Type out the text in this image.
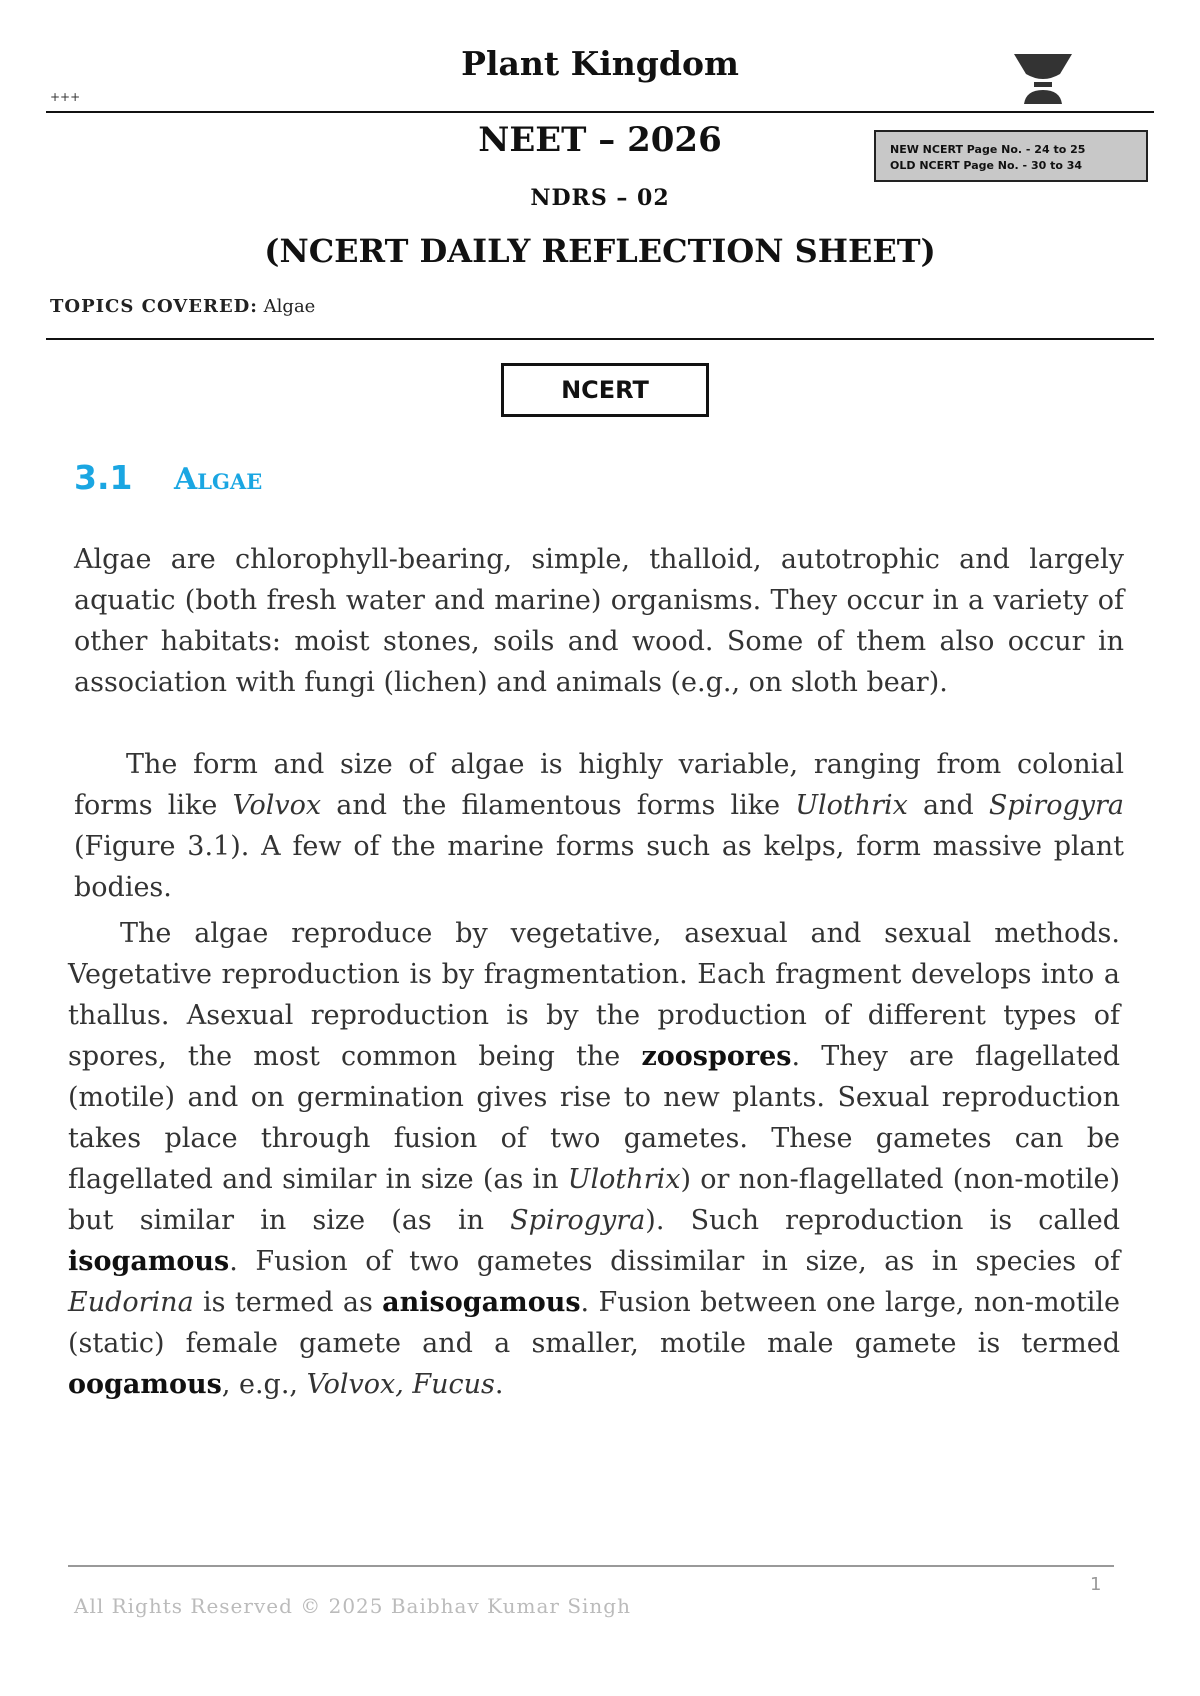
Plant Kingdom
+++
NEET – 2026	NEW NCERT Page No. - 24 to 25
OLD NCERT Page No. - 30 to 34
NDRS – 02
(NCERT DAILY REFLECTION SHEET)
TOPICS COVERED: Algae
NCERT
3.1 Algae

Algae are chlorophyll-bearing, simple, thalloid, autotrophic and largely aquatic (both fresh water and marine) organisms. They occur in a variety of other habitats: moist stones, soils and wood. Some of them also occur in association with fungi (lichen) and animals (e.g., on sloth bear).

The form and size of algae is highly variable, ranging from colonial forms like Volvox and the filamentous forms like Ulothrix and Spirogyra (Figure 3.1). A few of the marine forms such as kelps, form massive plant bodies.

The algae reproduce by vegetative, asexual and sexual methods. Vegetative reproduction is by fragmentation. Each fragment develops into a thallus. Asexual reproduction is by the production of different types of spores, the most common being the zoospores. They are flagellated (motile) and on germination gives rise to new plants. Sexual reproduction takes place through fusion of two gametes. These gametes can be flagellated and similar in size (as in Ulothrix) or non-flagellated (non-motile) but similar in size (as in Spirogyra). Such reproduction is called isogamous. Fusion of two gametes dissimilar in size, as in species of Eudorina is termed as anisogamous. Fusion between one large, non-motile (static) female gamete and a smaller, motile male gamete is termed oogamous, e.g., Volvox, Fucus.

1
All Rights Reserved © 2025 Baibhav Kumar Singh
